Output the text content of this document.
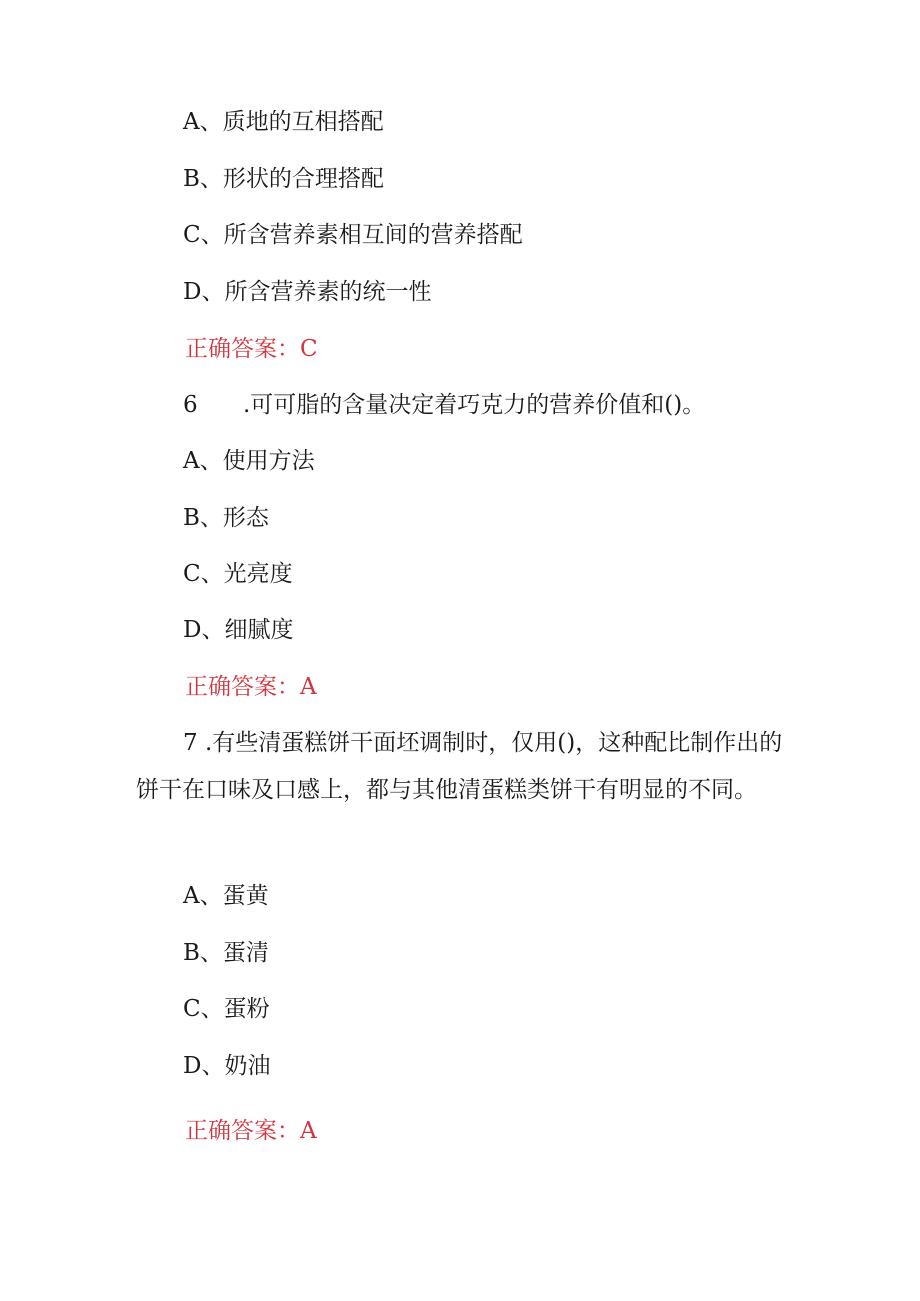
A、质地的互相搭配
B、形状的合理搭配
C、所含营养素相互间的营养搭配
D、所含营养素的统一性
正确答案：C
6 .可可脂的含量决定着巧克力的营养价值和()。
A、使用方法
B、形态
C、光亮度
D、细腻度
正确答案：A
7 .有些清蛋糕饼干面坯调制时，仅用()，这种配比制作出的饼干在口味及口感上，都与其他清蛋糕类饼干有明显的不同。
A、蛋黄
B、蛋清
C、蛋粉
D、奶油
正确答案：A
